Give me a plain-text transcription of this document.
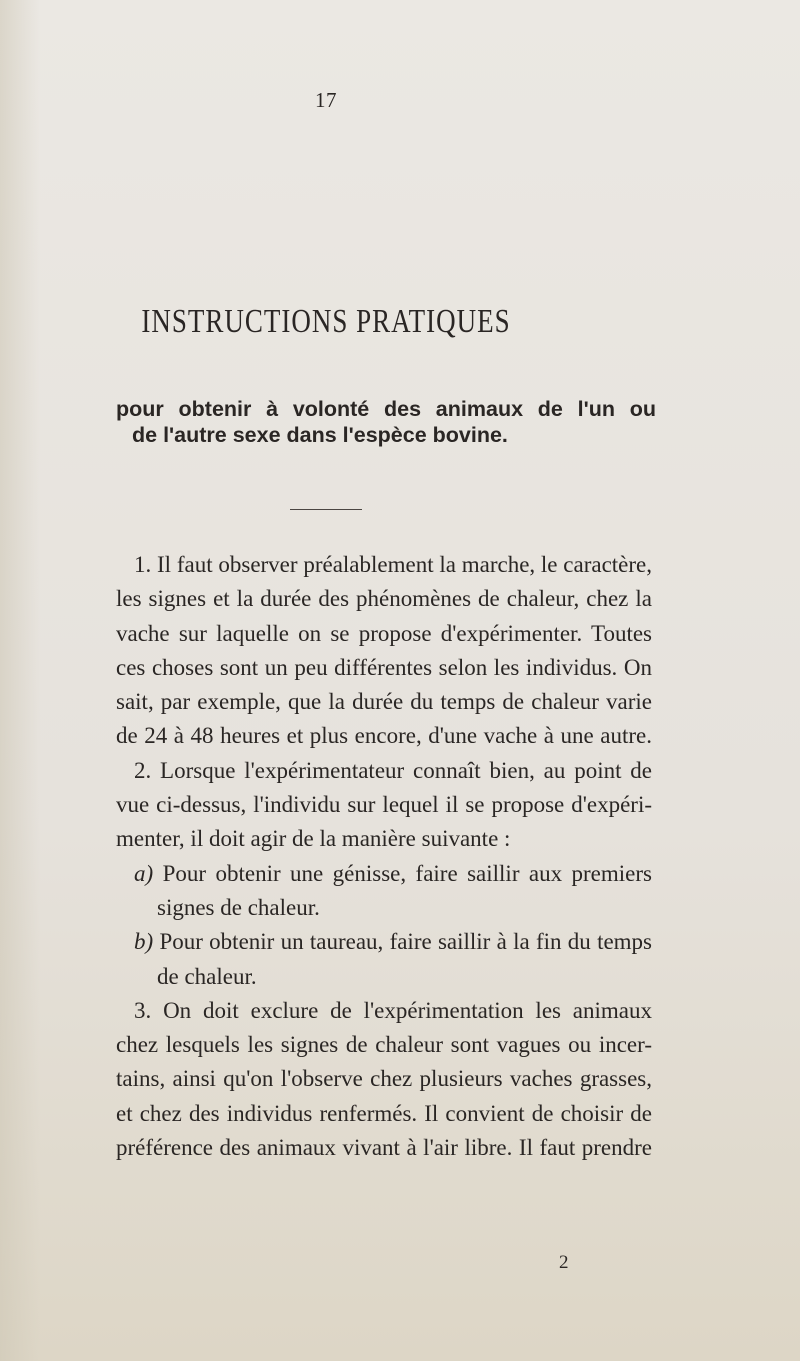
17
INSTRUCTIONS PRATIQUES
pour obtenir à volonté des animaux de l'un ou
de l'autre sexe dans l'espèce bovine.
1. Il faut observer préalablement la marche, le caractère,
les signes et la durée des phénomènes de chaleur, chez la
vache sur laquelle on se propose d'expérimenter. Toutes
ces choses sont un peu différentes selon les individus. On
sait, par exemple, que la durée du temps de chaleur varie
de 24 à 48 heures et plus encore, d'une vache à une autre.
2. Lorsque l'expérimentateur connaît bien, au point de
vue ci-dessus, l'individu sur lequel il se propose d'expéri-
menter, il doit agir de la manière suivante :
a) Pour obtenir une génisse, faire saillir aux premiers
signes de chaleur.
b) Pour obtenir un taureau, faire saillir à la fin du temps
de chaleur.
3. On doit exclure de l'expérimentation les animaux
chez lesquels les signes de chaleur sont vagues ou incer-
tains, ainsi qu'on l'observe chez plusieurs vaches grasses,
et chez des individus renfermés. Il convient de choisir de
préférence des animaux vivant à l'air libre. Il faut prendre
2
